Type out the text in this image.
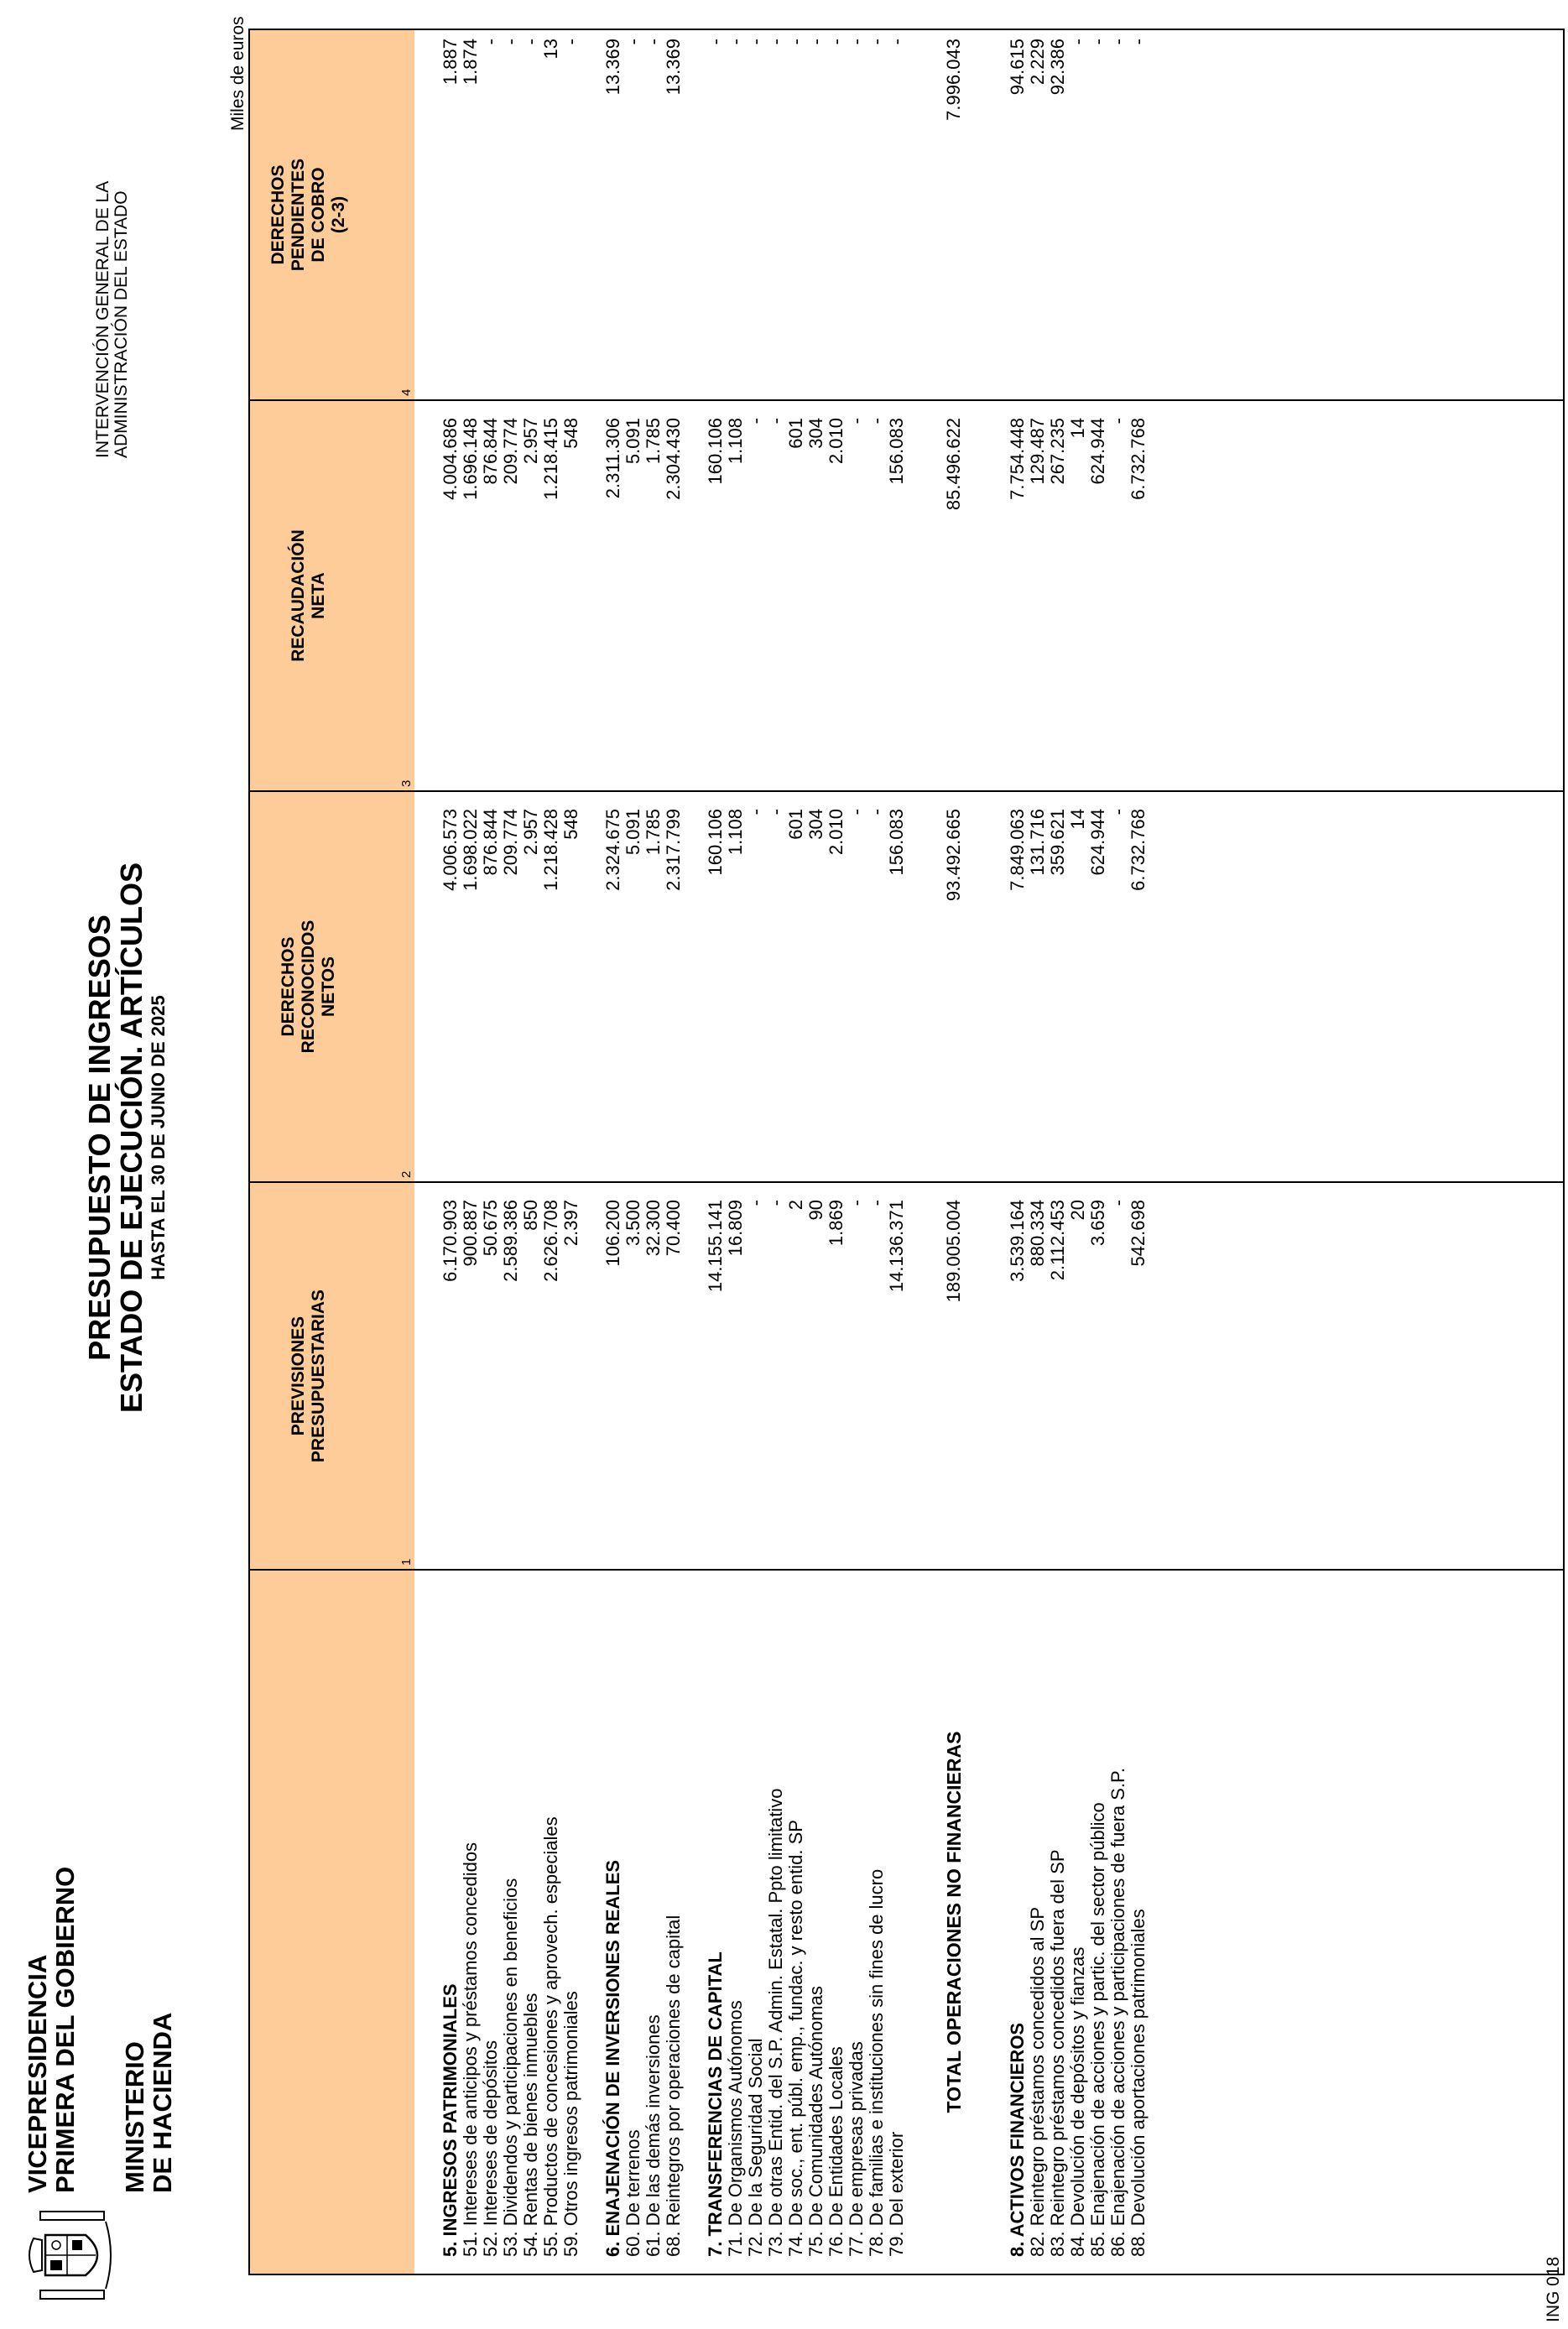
VICEPRESIDENCIA
PRIMERA DEL GOBIERNO MINISTERIO
DE HACIENDA
PRESUPUESTO DE INGRESOS
ESTADO DE EJECUCIÓN. ARTÍCULOS HASTA EL 30 DE JUNIO DE 2025
INTERVENCIÓN GENERAL DE LA ADMINISTRACIÓN DEL ESTADO
Miles de euros
PREVISIONES PRESUPUESTARIAS
DERECHOS RECONOCIDOS NETOS
RECAUDACIÓN NETA
DERECHOS PENDIENTES DE COBRO (2-3)
1
2
3
4
5. INGRESOS PATRIMONIALES
6.170.903
4.006.573
4.004.686
1.887
51. Intereses de anticipos y préstamos concedidos
900.887
1.698.022
1.696.148
1.874
52. Intereses de depósitos
50.675
876.844
876.844
-
53. Dividendos y participaciones en beneficios
2.589.386
209.774
209.774
-
54. Rentas de bienes inmuebles
850
2.957
2.957
-
55. Productos de concesiones y aprovech. especiales
2.626.708
1.218.428
1.218.415
13
59. Otros ingresos patrimoniales
2.397
548
548
-
6. ENAJENACIÓN DE INVERSIONES REALES
106.200
2.324.675
2.311.306
13.369
60. De terrenos
3.500
5.091
5.091
-
61. De las demás inversiones
32.300
1.785
1.785
-
68. Reintegros por operaciones de capital
70.400
2.317.799
2.304.430
13.369
7. TRANSFERENCIAS DE CAPITAL
14.155.141
160.106
160.106
-
71. De Organismos Autónomos
16.809
1.108
1.108
-
72. De la Seguridad Social
-
-
-
-
73. De otras Entid. del S.P. Admin. Estatal. Ppto limitativo
-
-
-
-
74. De soc., ent. públ. emp., fundac. y resto entid. SP
2
601
601
-
75. De Comunidades Autónomas
90
304
304
-
76. De Entidades Locales
1.869
2.010
2.010
-
77. De empresas privadas
-
-
-
-
78. De familias e instituciones sin fines de lucro
-
-
-
-
79. Del exterior
14.136.371
156.083
156.083
-
TOTAL OPERACIONES NO FINANCIERAS
189.005.004
93.492.665
85.496.622
7.996.043
8. ACTIVOS FINANCIEROS
3.539.164
7.849.063
7.754.448
94.615
82. Reintegro préstamos concedidos al SP
880.334
131.716
129.487
2.229
83. Reintegro préstamos concedidos fuera del SP
2.112.453
359.621
267.235
92.386
84. Devolución de depósitos y fianzas
20
14
14
-
85. Enajenación de acciones y partic. del sector público
3.659
624.944
624.944
-
86. Enajenación de acciones y participaciones de fuera S.P.
-
-
-
-
88. Devolución aportaciones patrimoniales
542.698
6.732.768
6.732.768
-
ING 018
